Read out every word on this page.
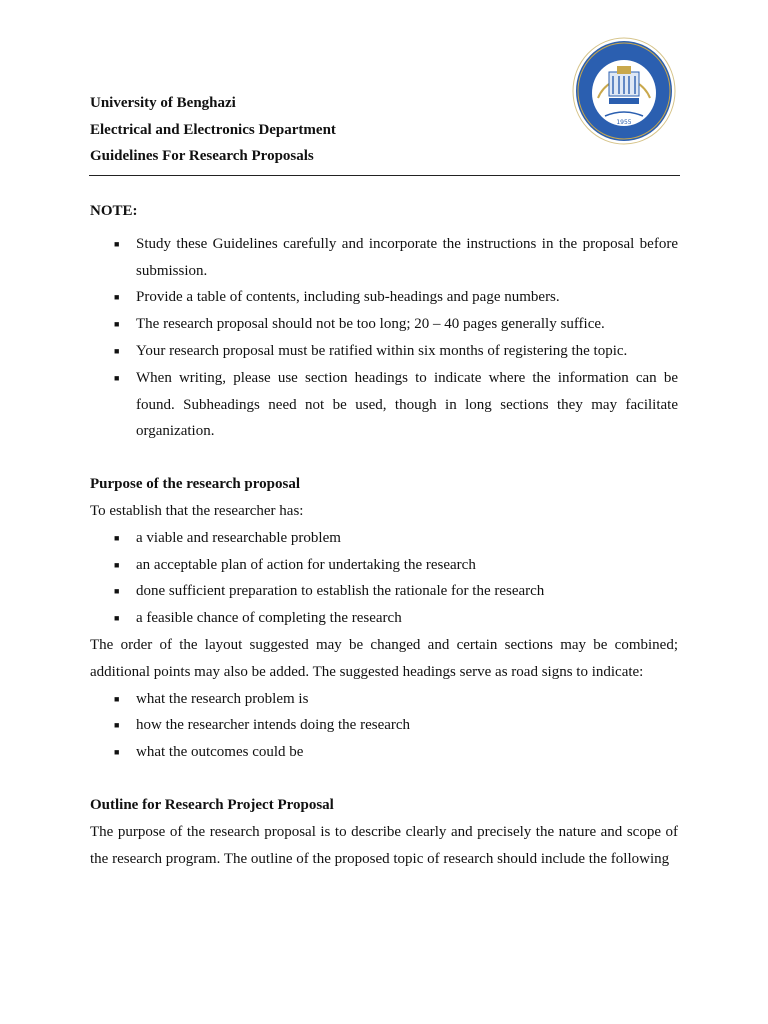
University of Benghazi

Electrical and Electronics Department

Guidelines For Research Proposals

1955

NOTE:

■ Study these Guidelines carefully and incorporate the instructions in the proposal before submission.
■ Provide a table of contents, including sub-headings and page numbers.
■ The research proposal should not be too long; 20 – 40 pages generally suffice.
■ Your research proposal must be ratified within six months of registering the topic.
■ When writing, please use section headings to indicate where the information can be found. Subheadings need not be used, though in long sections they may facilitate organization.

Purpose of the research proposal

To establish that the researcher has:

■ a viable and researchable problem
■ an acceptable plan of action for undertaking the research
■ done sufficient preparation to establish the rationale for the research
■ a feasible chance of completing the research

The order of the layout suggested may be changed and certain sections may be combined; additional points may also be added. The suggested headings serve as road signs to indicate:

■ what the research problem is
■ how the researcher intends doing the research
■ what the outcomes could be

Outline for Research Project Proposal

The purpose of the research proposal is to describe clearly and precisely the nature and scope of the research program. The outline of the proposed topic of research should include the following
